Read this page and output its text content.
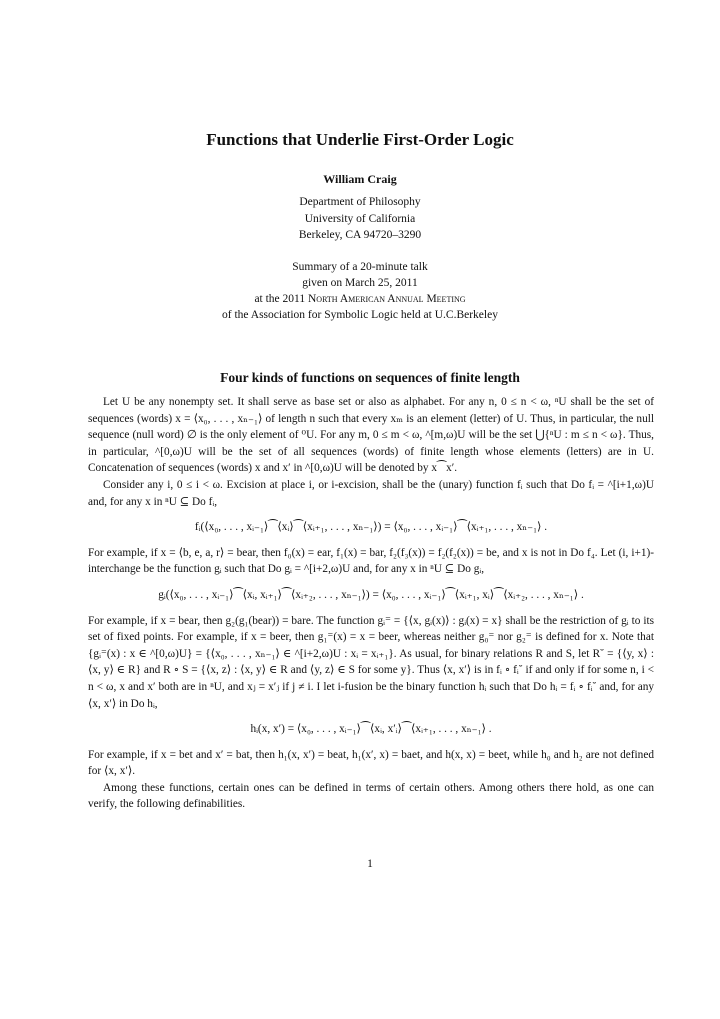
Functions that Underlie First-Order Logic
William Craig
Department of Philosophy
University of California
Berkeley, CA 94720–3290
Summary of a 20-minute talk
given on March 25, 2011
at the 2011 North American Annual Meeting
of the Association for Symbolic Logic held at U.C.Berkeley
Four kinds of functions on sequences of finite length

Let U be any nonempty set. It shall serve as base set or also as alphabet. For any n, 0 ≤ n < ω, ⁿU shall be the set of sequences (words) x = ⟨x₀, . . . , xₙ₋₁⟩ of length n such that every xₘ is an element (letter) of U. Thus, in particular, the null sequence (null word) ∅ is the only element of ⁰U. For any m, 0 ≤ m < ω, ^[m,ω)U will be the set ⋃{ⁿU : m ≤ n < ω}. Thus, in particular, ^[0,ω)U will be the set of all sequences (words) of finite length whose elements (letters) are in U. Concatenation of sequences (words) x and x′ in ^[0,ω)U will be denoted by x⁀x′.

Consider any i, 0 ≤ i < ω. Excision at place i, or i-excision, shall be the (unary) function fᵢ such that Do fᵢ = ^[i+1,ω)U and, for any x in ⁿU ⊆ Do fᵢ,

fᵢ(⟨x₀, . . . , xᵢ₋₁⟩⁀⟨xᵢ⟩⁀⟨xᵢ₊₁, . . . , xₙ₋₁⟩) = ⟨x₀, . . . , xᵢ₋₁⟩⁀⟨xᵢ₊₁, . . . , xₙ₋₁⟩ .

For example, if x = ⟨b, e, a, r⟩ = bear, then f₀(x) = ear, f₁(x) = bar, f₂(f₃(x)) = f₂(f₂(x)) = be, and x is not in Do f₄. Let (i, i+1)-interchange be the function gᵢ such that Do gᵢ = ^[i+2,ω)U and, for any x in ⁿU ⊆ Do gᵢ,

gᵢ(⟨x₀, . . . , xᵢ₋₁⟩⁀⟨xᵢ, xᵢ₊₁⟩⁀⟨xᵢ₊₂, . . . , xₙ₋₁⟩) = ⟨x₀, . . . , xᵢ₋₁⟩⁀⟨xᵢ₊₁, xᵢ⟩⁀⟨xᵢ₊₂, . . . , xₙ₋₁⟩ .

For example, if x = bear, then g₂(g₁(bear)) = bare. The function gᵢ⁼ = {⟨x, gᵢ(x)⟩ : gᵢ(x) = x} shall be the restriction of gᵢ to its set of fixed points. For example, if x = beer, then g₁⁼(x) = x = beer, whereas neither g₀⁼ nor g₂⁼ is defined for x. Note that {gᵢ⁼(x) : x ∈ ^[0,ω)U} = {⟨x₀, . . . , xₙ₋₁⟩ ∈ ^[i+2,ω)U : xᵢ = xᵢ₊₁}. As usual, for binary relations R and S, let R˘ = {⟨y, x⟩ : ⟨x, y⟩ ∈ R} and R ∘ S = {⟨x, z⟩ : ⟨x, y⟩ ∈ R and ⟨y, z⟩ ∈ S for some y}. Thus ⟨x, x′⟩ is in fᵢ ∘ fᵢ˘ if and only if for some n, i < n < ω, x and x′ both are in ⁿU, and xⱼ = x′ⱼ if j ≠ i. I let i-fusion be the binary function hᵢ such that Do hᵢ = fᵢ ∘ fᵢ˘ and, for any ⟨x, x′⟩ in Do hᵢ,

hᵢ(x, x′) = ⟨x₀, . . . , xᵢ₋₁⟩⁀⟨xᵢ, x′ᵢ⟩⁀⟨xᵢ₊₁, . . . , xₙ₋₁⟩ .

For example, if x = bet and x′ = bat, then h₁(x, x′) = beat, h₁(x′, x) = baet, and h(x, x) = beet, while h₀ and h₂ are not defined for ⟨x, x′⟩.

Among these functions, certain ones can be defined in terms of certain others. Among others there hold, as one can verify, the following definabilities.

1
